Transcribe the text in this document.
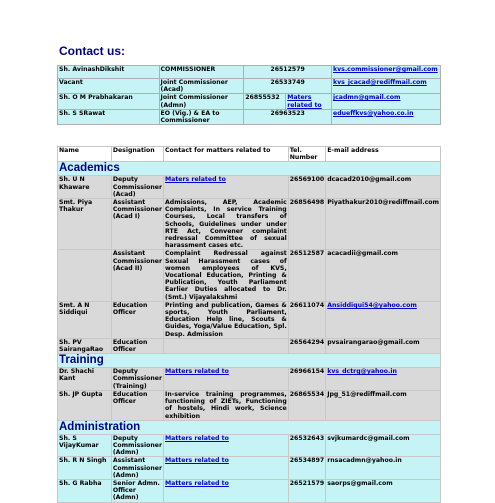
Contact us:
Sh. AvinashDikshit	COMMISSIONER	26512579		kvs.commissioner@gmail.com
Vacant	Joint Commissioner (Acad)	26533749		kvs_jcacad@rediffmail.com
Sh. O M Prabhakaran	Joint Commissioner (Admn)	26855532	Maters related to	jcadmn@gmail.com
Sh. S SRawat	EO (Vig.) & EA to Commissioner	26963523		edueffkvs@yahoo.co.in
Name	Designation	Contact for matters related to	Tel. Number	E-mail address
Academics				
Sh. U N Khaware	Deputy Commissioner (Acad)	Maters related to	26569100	dcacad2010@gmail.com
Smt. Piya Thakur	Assistant Commissioner (Acad I)	Admissions, AEP, Academic Complaints, In service Training Courses, Local transfers of Schools, Guidelines under under RTE Act, Convener complaint redressal Committee of sexual harassment cases etc.	26856498	Piyathakur2010@rediffmail.com
	Assistant Commissioner (Acad II)	Complaint Redressal against Sexual Harassment cases of women employees of KVS, Vocational Education, Printing & Publication, Youth Parliament Earlier Duties allocated to Dr. (Smt.) Vijayalakshmi	26512587	acacadii@gmail.com
Smt. A N Siddiqui	Education Officer	Printing and publication, Games & sports, Youth Parliament, Education Help line, Scouts & Guides, Yoga/Value Education, Spl. Desp. Admission	26611074	Ansiddiqui54@yahoo.com
Sh. PV SairangaRao	Education Officer		26564294	pvsairangarao@gmail.com
Training				
Dr. Shachi Kant	Deputy Commissioner (Training)	Matters related to	26966154	kvs_dctrg@yahoo.in
Sh. JP Gupta	Education Officer	In-service training programmes, functioning of ZIETs, Functioning of hostels, Hindi work, Science exhibition	26865534	Jpg_51@rediffmail.com
Administration				
Sh. S VijayKumar	Deputy Commissioner (Admn)	Matters related to	26532643	svjkumardc@gmail.com
Sh. R N Singh	Assistant Commissioner (Admn)	Matters related to	26534897	rnsacadmn@yahoo.in
Sh. G Rabha	Senior Admn. Officer (Admn)	Matters related to	26521579	saorps@gmail.com
